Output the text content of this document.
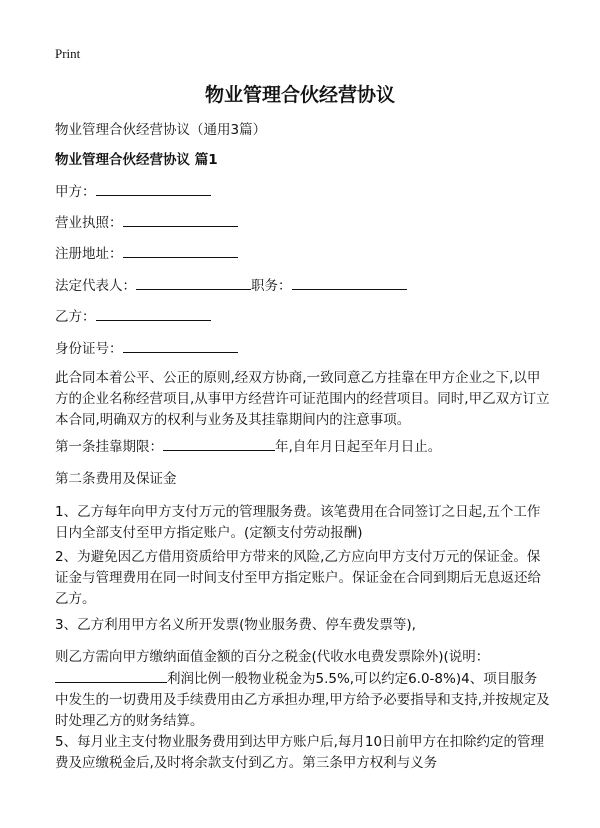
Print
物业管理合伙经营协议
物业管理合伙经营协议（通用3篇）
物业管理合伙经营协议 篇1
甲方：
营业执照：
注册地址：
法定代表人：	职务：
乙方：
身份证号：
此合同本着公平、公正的原则,经双方协商,一致同意乙方挂靠在甲方企业之下,以甲方的企业名称经营项目,从事甲方经营许可证范围内的经营项目。同时,甲乙双方订立本合同,明确双方的权利与业务及其挂靠期间内的注意事项。
第一条挂靠期限：	年,自年月日起至年月日止。
第二条费用及保证金
1、乙方每年向甲方支付万元的管理服务费。该笔费用在合同签订之日起,五个工作日内全部支付至甲方指定账户。(定额支付劳动报酬)
2、为避免因乙方借用资质给甲方带来的风险,乙方应向甲方支付万元的保证金。保证金与管理费用在同一时间支付至甲方指定账户。保证金在合同到期后无息返还给乙方。
3、乙方利用甲方名义所开发票(物业服务费、停车费发票等),
则乙方需向甲方缴纳面值金额的百分之税金(代收水电费发票除外)(说明：
利润比例一般物业税金为5.5%,可以约定6.0-8%)4、项目服务中发生的一切费用及手续费用由乙方承担办理,甲方给予必要指导和支持,并按规定及时处理乙方的财务结算。
5、每月业主支付物业服务费用到达甲方账户后,每月10日前甲方在扣除约定的管理费及应缴税金后,及时将余款支付到乙方。第三条甲方权利与义务
